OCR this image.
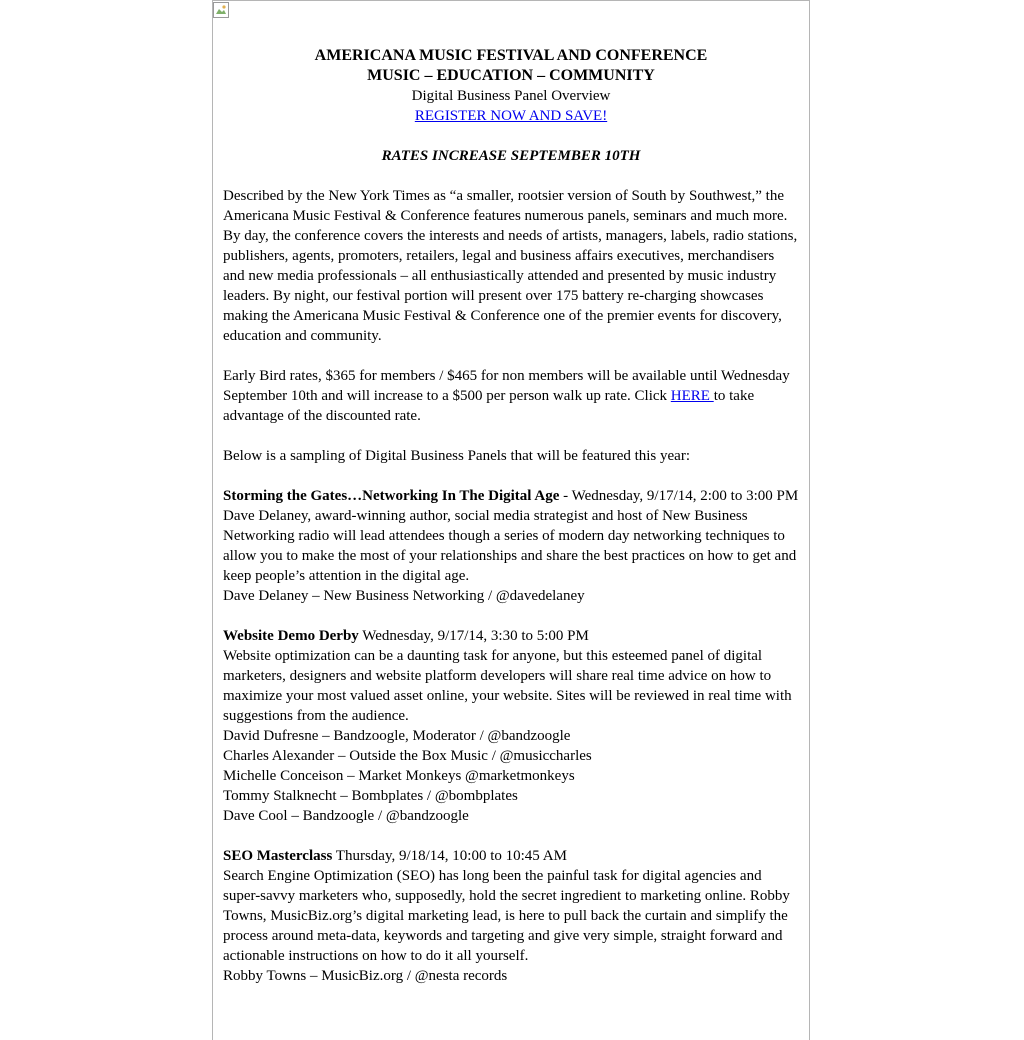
AMERICANA MUSIC FESTIVAL AND CONFERENCE

MUSIC – EDUCATION – COMMUNITY

Digital Business Panel Overview

REGISTER NOW AND SAVE!

RATES INCREASE SEPTEMBER 10TH

Described by the New York Times as “a smaller, rootsier version of South by Southwest,” the Americana Music Festival & Conference features numerous panels, seminars and much more. By day, the conference covers the interests and needs of artists, managers, labels, radio stations, publishers, agents, promoters, retailers, legal and business affairs executives, merchandisers and new media professionals – all enthusiastically attended and presented by music industry leaders. By night, our festival portion will present over 175 battery re-charging showcases making the Americana Music Festival & Conference one of the premier events for discovery, education and community.

Early Bird rates, $365 for members / $465 for non members will be available until Wednesday September 10th and will increase to a $500 per person walk up rate. Click HERE to take advantage of the discounted rate.

Below is a sampling of Digital Business Panels that will be featured this year:

Storming the Gates…Networking In The Digital Age - Wednesday, 9/17/14, 2:00 to 3:00 PM

Dave Delaney, award-winning author, social media strategist and host of New Business Networking radio will lead attendees though a series of modern day networking techniques to allow you to make the most of your relationships and share the best practices on how to get and keep people’s attention in the digital age.

Dave Delaney – New Business Networking / @davedelaney

Website Demo Derby Wednesday, 9/17/14, 3:30 to 5:00 PM

Website optimization can be a daunting task for anyone, but this esteemed panel of digital marketers, designers and website platform developers will share real time advice on how to maximize your most valued asset online, your website. Sites will be reviewed in real time with suggestions from the audience.

David Dufresne – Bandzoogle, Moderator / @bandzoogle

Charles Alexander – Outside the Box Music / @musiccharles

Michelle Conceison – Market Monkeys @marketmonkeys

Tommy Stalknecht – Bombplates / @bombplates

Dave Cool – Bandzoogle / @bandzoogle

SEO Masterclass Thursday, 9/18/14, 10:00 to 10:45 AM

Search Engine Optimization (SEO) has long been the painful task for digital agencies and super-savvy marketers who, supposedly, hold the secret ingredient to marketing online. Robby Towns, MusicBiz.org’s digital marketing lead, is here to pull back the curtain and simplify the process around meta-data, keywords and targeting and give very simple, straight forward and actionable instructions on how to do it all yourself.

Robby Towns – MusicBiz.org / @nesta records
